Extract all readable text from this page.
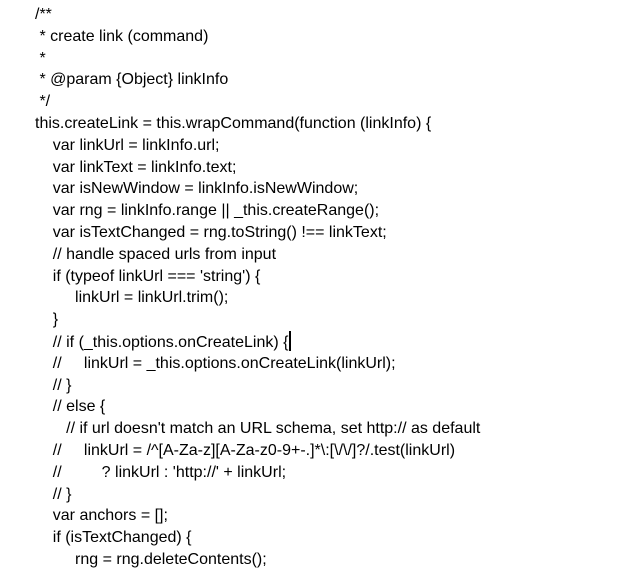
/**
* create link (command)
*
* @param {Object} linkInfo
*/
this.createLink = this.wrapCommand(function (linkInfo) {
var linkUrl = linkInfo.url;
var linkText = linkInfo.text;
var isNewWindow = linkInfo.isNewWindow;
var rng = linkInfo.range || _this.createRange();
var isTextChanged = rng.toString() !== linkText;
// handle spaced urls from input
if (typeof linkUrl === 'string') {
linkUrl = linkUrl.trim();
}
// if (_this.options.onCreateLink) {
//     linkUrl = _this.options.onCreateLink(linkUrl);
// }
// else {
// if url doesn't match an URL schema, set http:// as default
//     linkUrl = /^[A-Za-z][A-Za-z0-9+-.]*\:[\/\/]?/.test(linkUrl)
//         ? linkUrl : 'http://' + linkUrl;
// }
var anchors = [];
if (isTextChanged) {
rng = rng.deleteContents();
